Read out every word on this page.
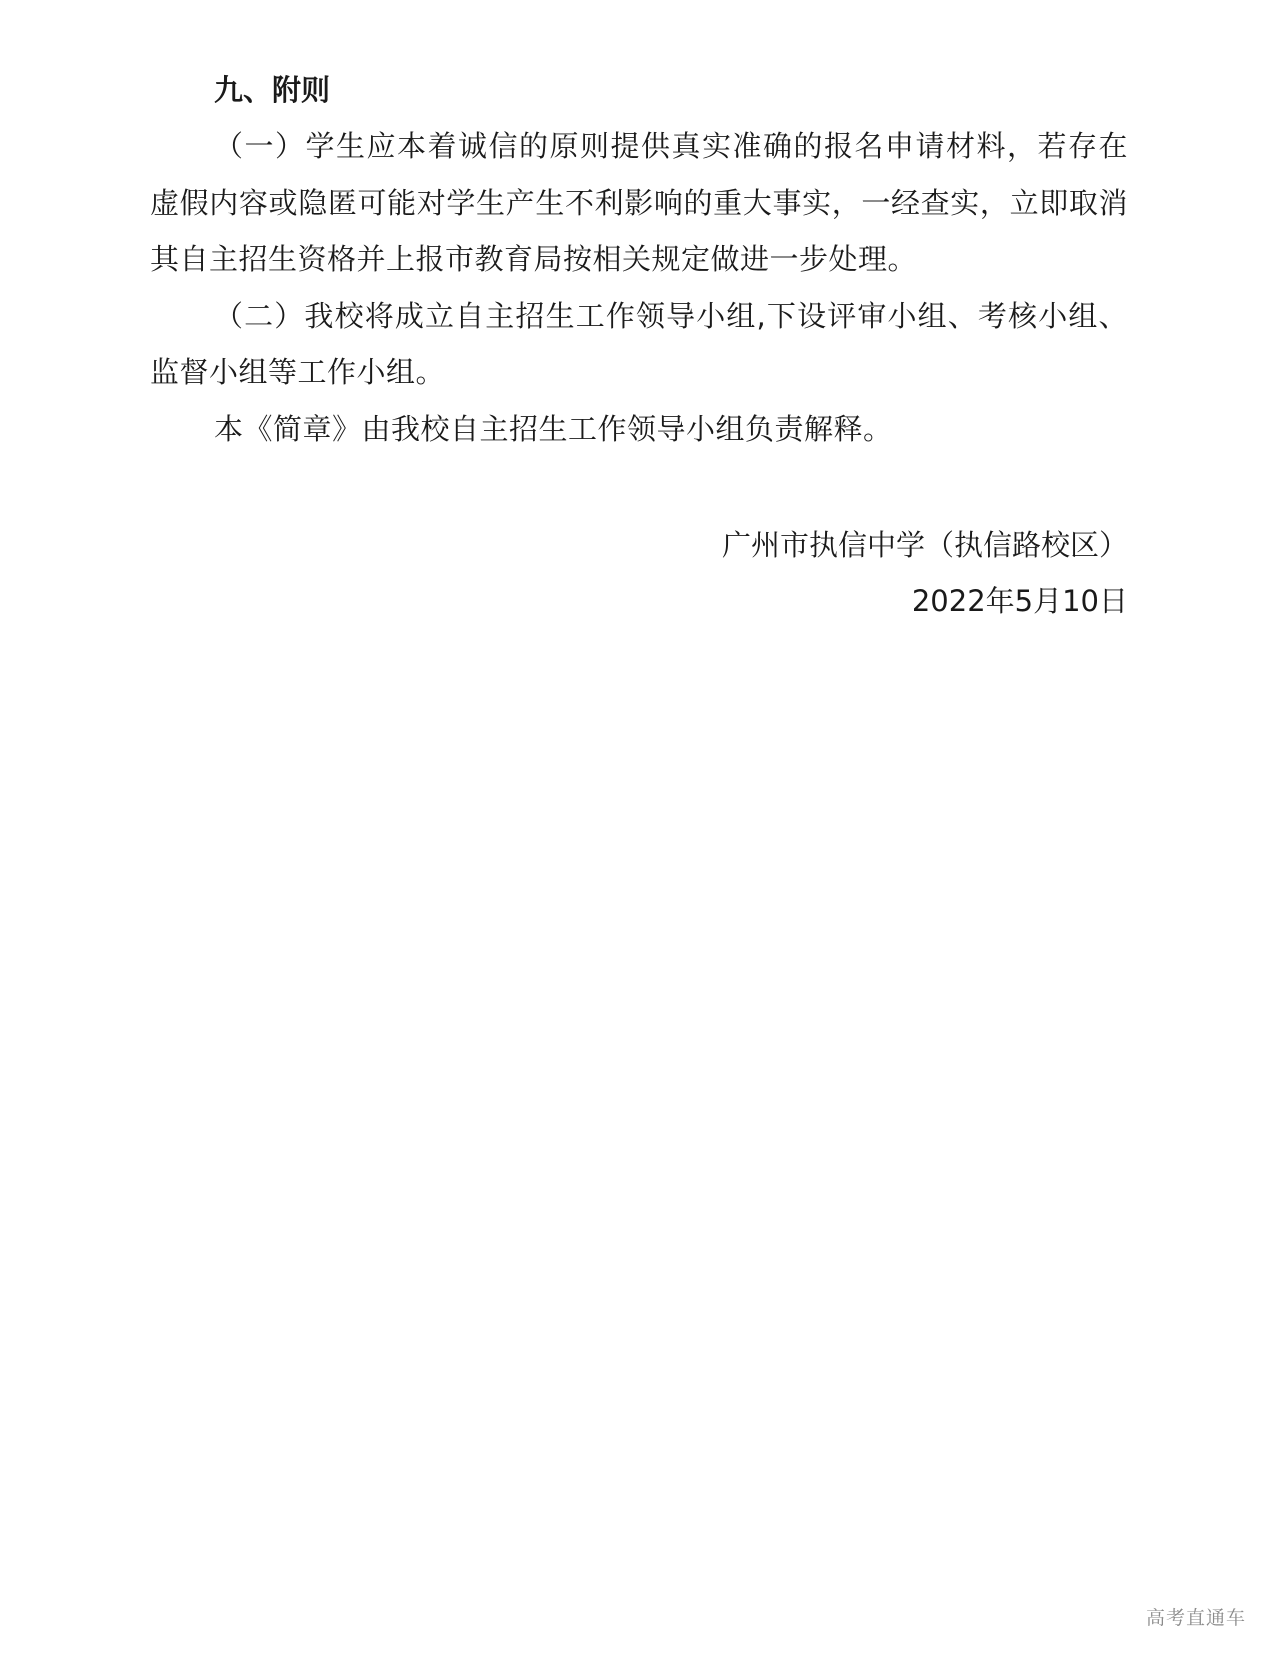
九、附则

（一）学生应本着诚信的原则提供真实准确的报名申请材料，若存在虚假内容或隐匿可能对学生产生不利影响的重大事实，一经查实，立即取消其自主招生资格并上报市教育局按相关规定做进一步处理。

（二）我校将成立自主招生工作领导小组,下设评审小组、考核小组、监督小组等工作小组。

本《简章》由我校自主招生工作领导小组负责解释。

广州市执信中学（执信路校区）
2022年5月10日
高考直通车
